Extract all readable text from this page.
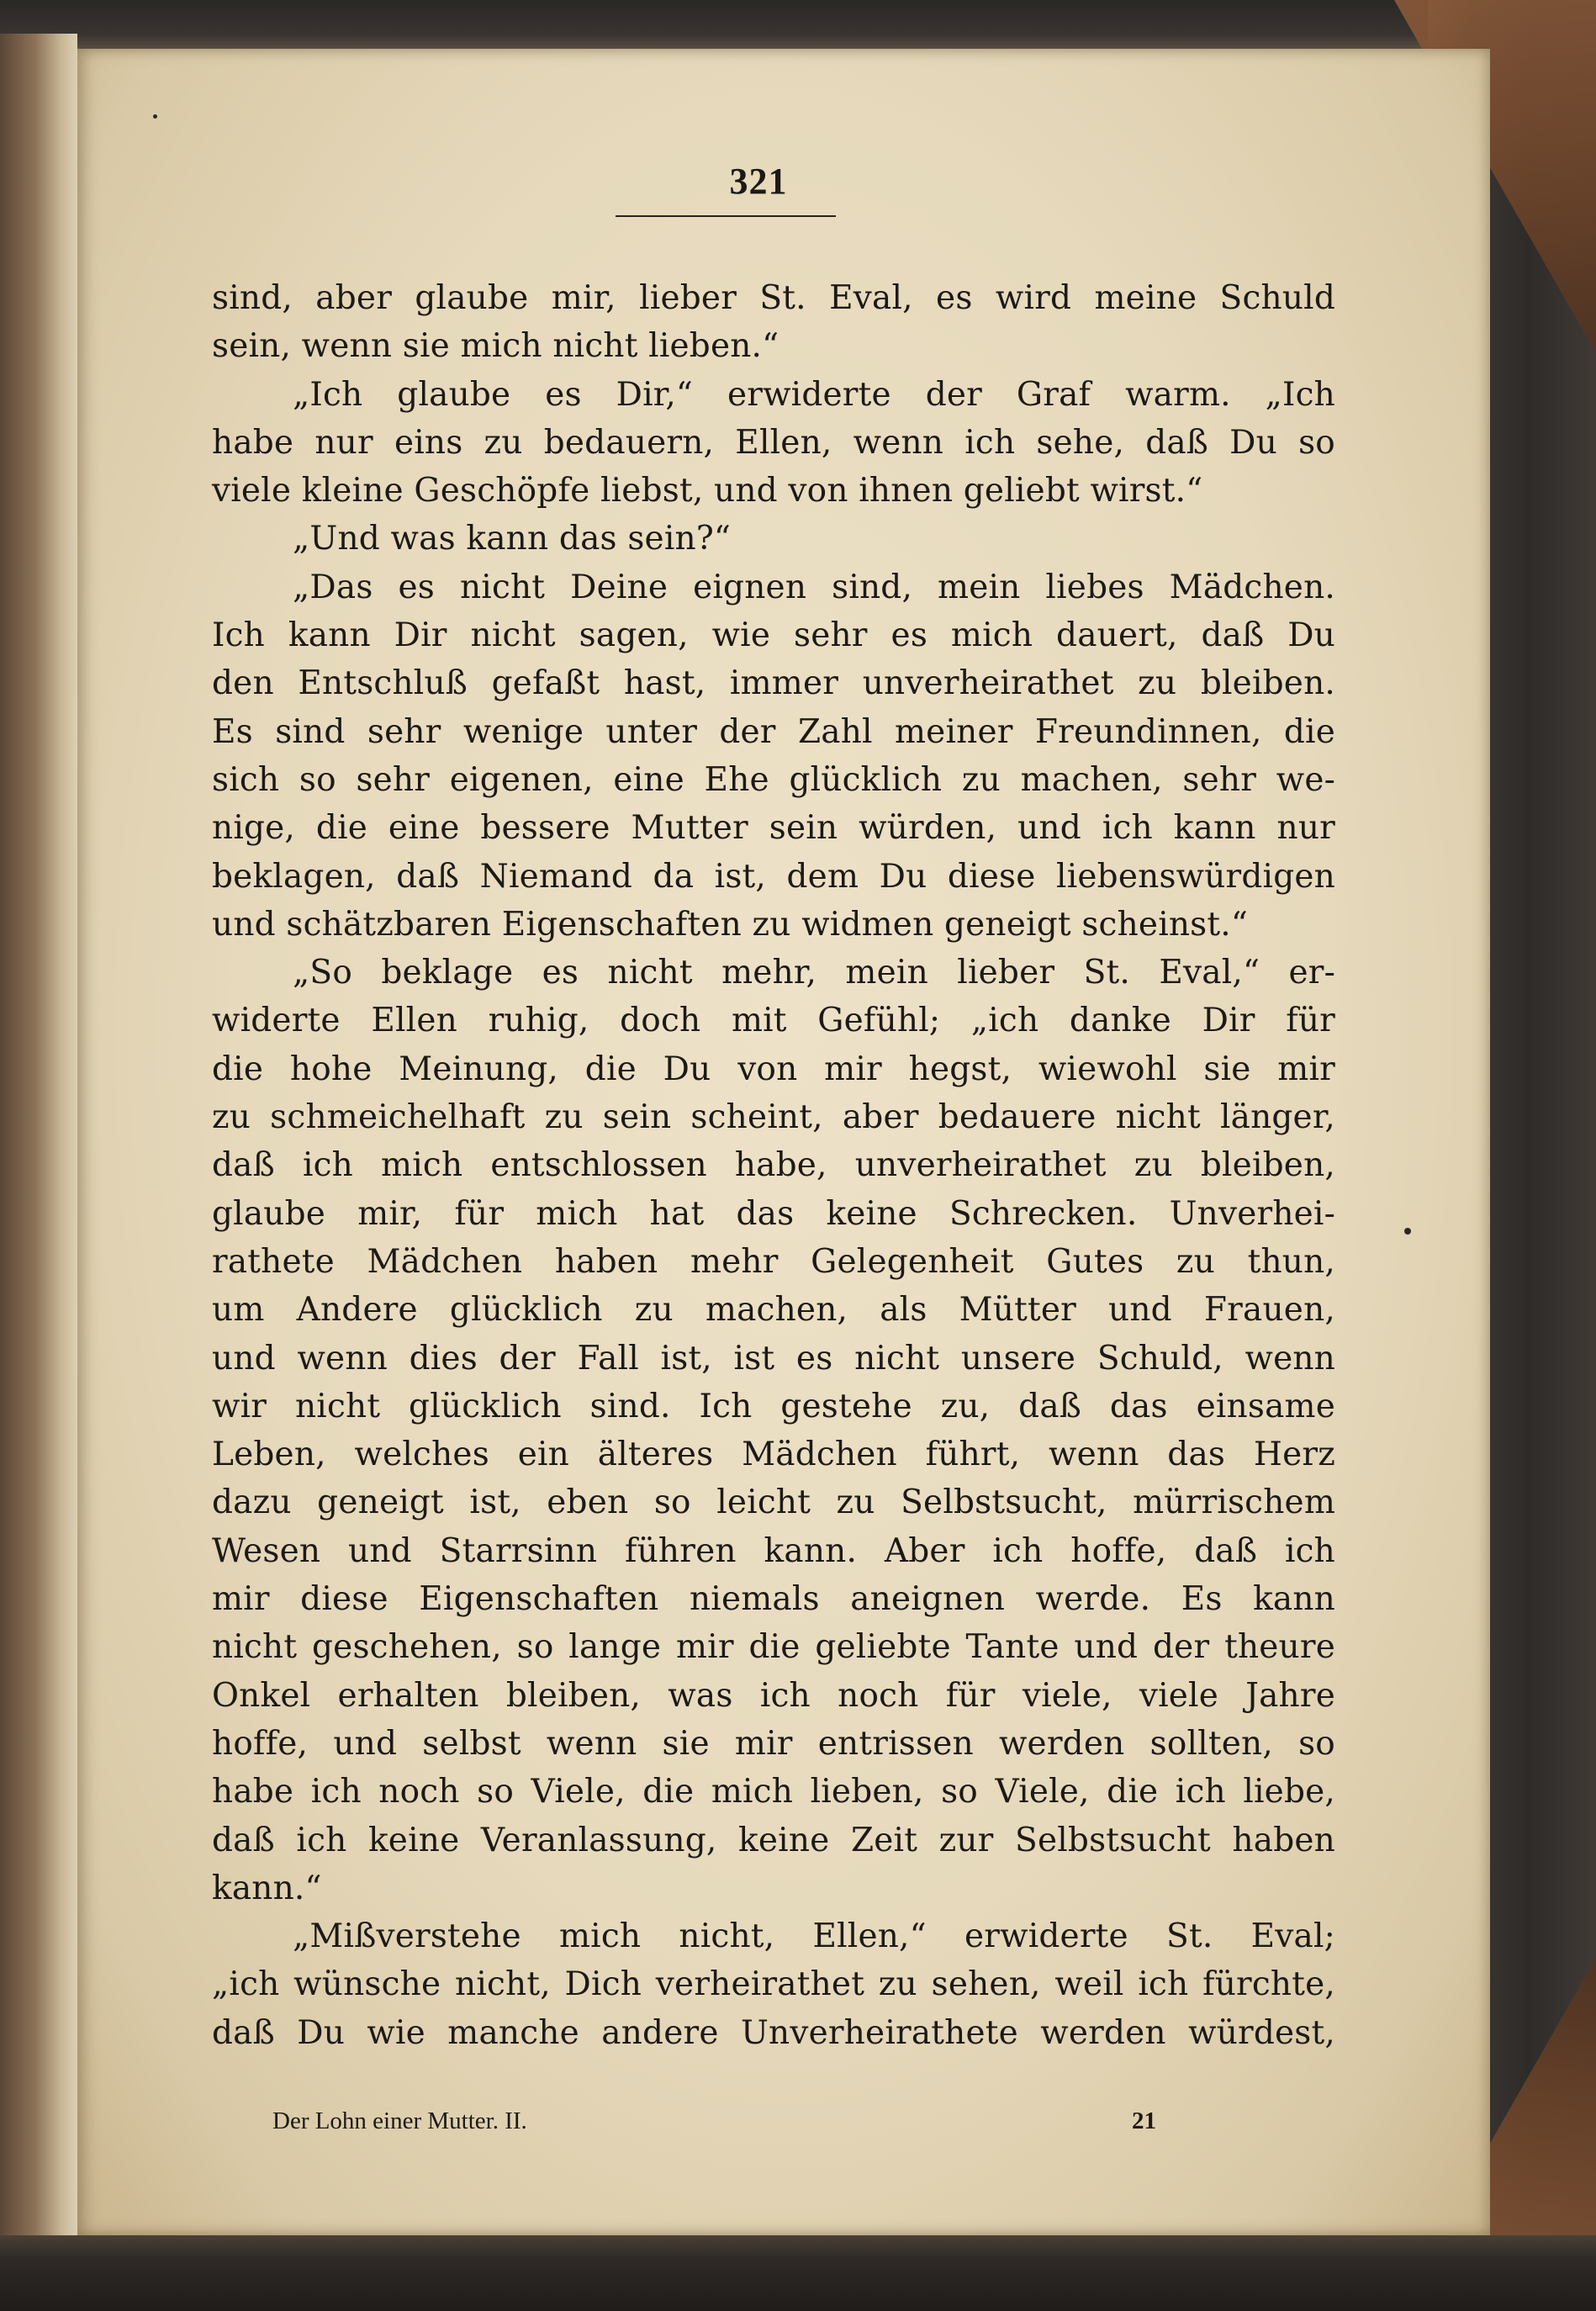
321
sind, aber glaube mir, lieber St. Eval, es wird meine Schuld
sein, wenn sie mich nicht lieben.“
„Ich glaube es Dir,“ erwiderte der Graf warm. „Ich
habe nur eins zu bedauern, Ellen, wenn ich sehe, daß Du so
viele kleine Geschöpfe liebst, und von ihnen geliebt wirst.“
„Und was kann das sein?“
„Das es nicht Deine eignen sind, mein liebes Mädchen.
Ich kann Dir nicht sagen, wie sehr es mich dauert, daß Du
den Entschluß gefaßt hast, immer unverheirathet zu bleiben.
Es sind sehr wenige unter der Zahl meiner Freundinnen, die
sich so sehr eigenen, eine Ehe glücklich zu machen, sehr we-
nige, die eine bessere Mutter sein würden, und ich kann nur
beklagen, daß Niemand da ist, dem Du diese liebenswürdigen
und schätzbaren Eigenschaften zu widmen geneigt scheinst.“
„So beklage es nicht mehr, mein lieber St. Eval,“ er-
widerte Ellen ruhig, doch mit Gefühl; „ich danke Dir für
die hohe Meinung, die Du von mir hegst, wiewohl sie mir
zu schmeichelhaft zu sein scheint, aber bedauere nicht länger,
daß ich mich entschlossen habe, unverheirathet zu bleiben,
glaube mir, für mich hat das keine Schrecken. Unverhei-
rathete Mädchen haben mehr Gelegenheit Gutes zu thun,
um Andere glücklich zu machen, als Mütter und Frauen,
und wenn dies der Fall ist, ist es nicht unsere Schuld, wenn
wir nicht glücklich sind. Ich gestehe zu, daß das einsame
Leben, welches ein älteres Mädchen führt, wenn das Herz
dazu geneigt ist, eben so leicht zu Selbstsucht, mürrischem
Wesen und Starrsinn führen kann. Aber ich hoffe, daß ich
mir diese Eigenschaften niemals aneignen werde. Es kann
nicht geschehen, so lange mir die geliebte Tante und der theure
Onkel erhalten bleiben, was ich noch für viele, viele Jahre
hoffe, und selbst wenn sie mir entrissen werden sollten, so
habe ich noch so Viele, die mich lieben, so Viele, die ich liebe,
daß ich keine Veranlassung, keine Zeit zur Selbstsucht haben
kann.“
„Mißverstehe mich nicht, Ellen,“ erwiderte St. Eval;
„ich wünsche nicht, Dich verheirathet zu sehen, weil ich fürchte,
daß Du wie manche andere Unverheirathete werden würdest,
Der Lohn einer Mutter. II.	21
